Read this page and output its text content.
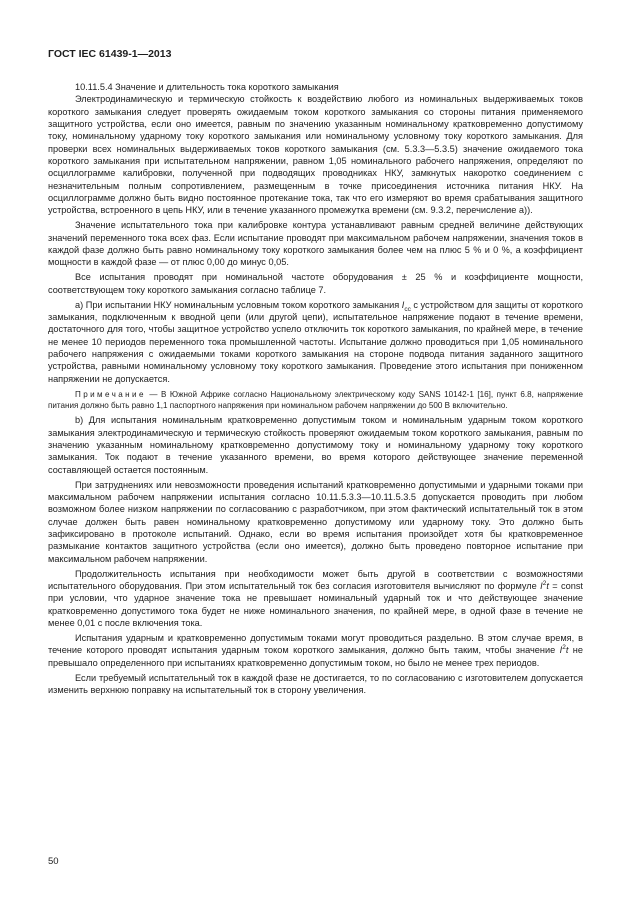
ГОСТ IEC 61439-1—2013

10.11.5.4 Значение и длительность тока короткого замыкания

Электродинамическую и термическую стойкость к воздействию любого из номинальных выдерживаемых токов короткого замыкания следует проверять ожидаемым током короткого замыкания со стороны питания применяемого защитного устройства, если оно имеется, равным по значению указанным номинальному кратковременно допустимому току, номинальному ударному току короткого замыкания или номинальному условному току короткого замыкания. Для проверки всех номинальных выдерживаемых токов короткого замыкания (см. 5.3.3—5.3.5) значение ожидаемого тока короткого замыкания при испытательном напряжении, равном 1,05 номинального рабочего напряжения, определяют по осциллограмме калибровки, полученной при подводящих проводниках НКУ, замкнутых накоротко соединением с незначительным полным сопротивлением, размещенным в точке присоединения источника питания НКУ. На осциллограмме должно быть видно постоянное протекание тока, так что его измеряют во время срабатывания защитного устройства, встроенного в цепь НКУ, или в течение указанного промежутка времени (см. 9.3.2, перечисление а)).

Значение испытательного тока при калибровке контура устанавливают равным средней величине действующих значений переменного тока всех фаз. Если испытание проводят при максимальном рабочем напряжении, значения токов в каждой фазе должно быть равно номинальному току короткого замыкания более чем на плюс 5 % и 0 %, а коэффициент мощности в каждой фазе — от плюс 0,00 до минус 0,05.

Все испытания проводят при номинальной частоте оборудования ± 25 % и коэффициенте мощности, соответствующем току короткого замыкания согласно таблице 7.

a) При испытании НКУ номинальным условным током короткого замыкания $I_{cc}$ с устройством для защиты от короткого замыкания, подключенным к вводной цепи (или другой цепи), испытательное напряжение подают в течение времени, достаточного для того, чтобы защитное устройство успело отключить ток короткого замыкания, по крайней мере, в течение не менее 10 периодов переменного тока промышленной частоты. Испытание должно проводиться при 1,05 номинального рабочего напряжения с ожидаемыми токами короткого замыкания на стороне подвода питания заданного защитного устройства, равными номинальному условному току короткого замыкания. Проведение этого испытания при пониженном напряжении не допускается.

Примечание — В Южной Африке согласно Национальному электрическому коду SANS 10142-1 [16], пункт 6.8, напряжение питания должно быть равно 1,1 паспортного напряжения при номинальном рабочем напряжении до 500 В включительно.

b) Для испытания номинальным кратковременно допустимым током и номинальным ударным током короткого замыкания электродинамическую и термическую стойкость проверяют ожидаемым током короткого замыкания, равным по значению указанным номинальному кратковременно допустимому току и номинальному ударному току короткого замыкания. Ток подают в течение указанного времени, во время которого действующее значение переменной составляющей остается постоянным.

При затруднениях или невозможности проведения испытаний кратковременно допустимыми и ударными токами при максимальном рабочем напряжении испытания согласно 10.11.5.3.3—10.11.5.3.5 допускается проводить при любом возможном более низком напряжении по согласованию с разработчиком, при этом фактический испытательный ток в этом случае должен быть равен номинальному кратковременно допустимому или ударному току. Это должно быть зафиксировано в протоколе испытаний. Однако, если во время испытания произойдет хотя бы кратковременное размыкание контактов защитного устройства (если оно имеется), должно быть проведено повторное испытание при максимальном рабочем напряжении.

Продолжительность испытания при необходимости может быть другой в соответствии с возможностями испытательного оборудования. При этом испытательный ток без согласия изготовителя вычисляют по формуле $I^2t$ = const при условии, что ударное значение тока не превышает номинальный ударный ток и что действующее значение кратковременно допустимого тока будет не ниже номинального значения, по крайней мере, в одной фазе в течение не менее 0,01 с после включения тока.

Испытания ударным и кратковременно допустимым токами могут проводиться раздельно. В этом случае время, в течение которого проводят испытания ударным током короткого замыкания, должно быть таким, чтобы значение $I^2t$ не превышало определенного при испытаниях кратковременно допустимым током, но было не менее трех периодов.

Если требуемый испытательный ток в каждой фазе не достигается, то по согласованию с изготовителем допускается изменить верхнюю поправку на испытательный ток в сторону увеличения.

50
